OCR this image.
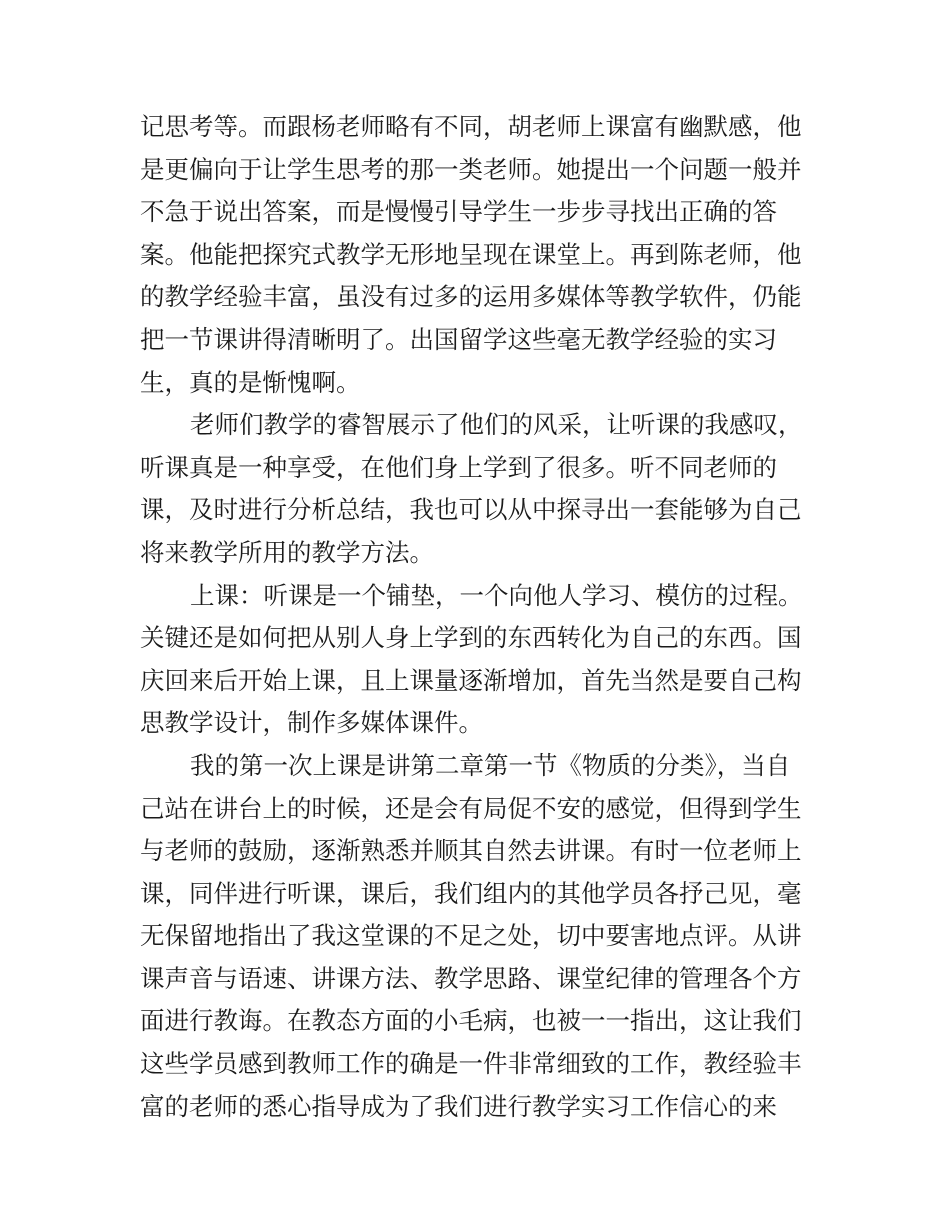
记思考等。而跟杨老师略有不同，胡老师上课富有幽默感，他
是更偏向于让学生思考的那一类老师。她提出一个问题一般并
不急于说出答案，而是慢慢引导学生一步步寻找出正确的答
案。他能把探究式教学无形地呈现在课堂上。再到陈老师，他
的教学经验丰富，虽没有过多的运用多媒体等教学软件，仍能
把一节课讲得清晰明了。出国留学这些毫无教学经验的实习
生，真的是惭愧啊。
老师们教学的睿智展示了他们的风采，让听课的我感叹，
听课真是一种享受，在他们身上学到了很多。听不同老师的
课，及时进行分析总结，我也可以从中探寻出一套能够为自己
将来教学所用的教学方法。
上课：听课是一个铺垫，一个向他人学习、模仿的过程。
关键还是如何把从别人身上学到的东西转化为自己的东西。国
庆回来后开始上课，且上课量逐渐增加，首先当然是要自己构
思教学设计，制作多媒体课件。
我的第一次上课是讲第二章第一节《物质的分类》，当自
己站在讲台上的时候，还是会有局促不安的感觉，但得到学生
与老师的鼓励，逐渐熟悉并顺其自然去讲课。有时一位老师上
课，同伴进行听课，课后，我们组内的其他学员各抒己见，毫
无保留地指出了我这堂课的不足之处，切中要害地点评。从讲
课声音与语速、讲课方法、教学思路、课堂纪律的管理各个方
面进行教诲。在教态方面的小毛病，也被一一指出，这让我们
这些学员感到教师工作的确是一件非常细致的工作，教经验丰
富的老师的悉心指导成为了我们进行教学实习工作信心的来
